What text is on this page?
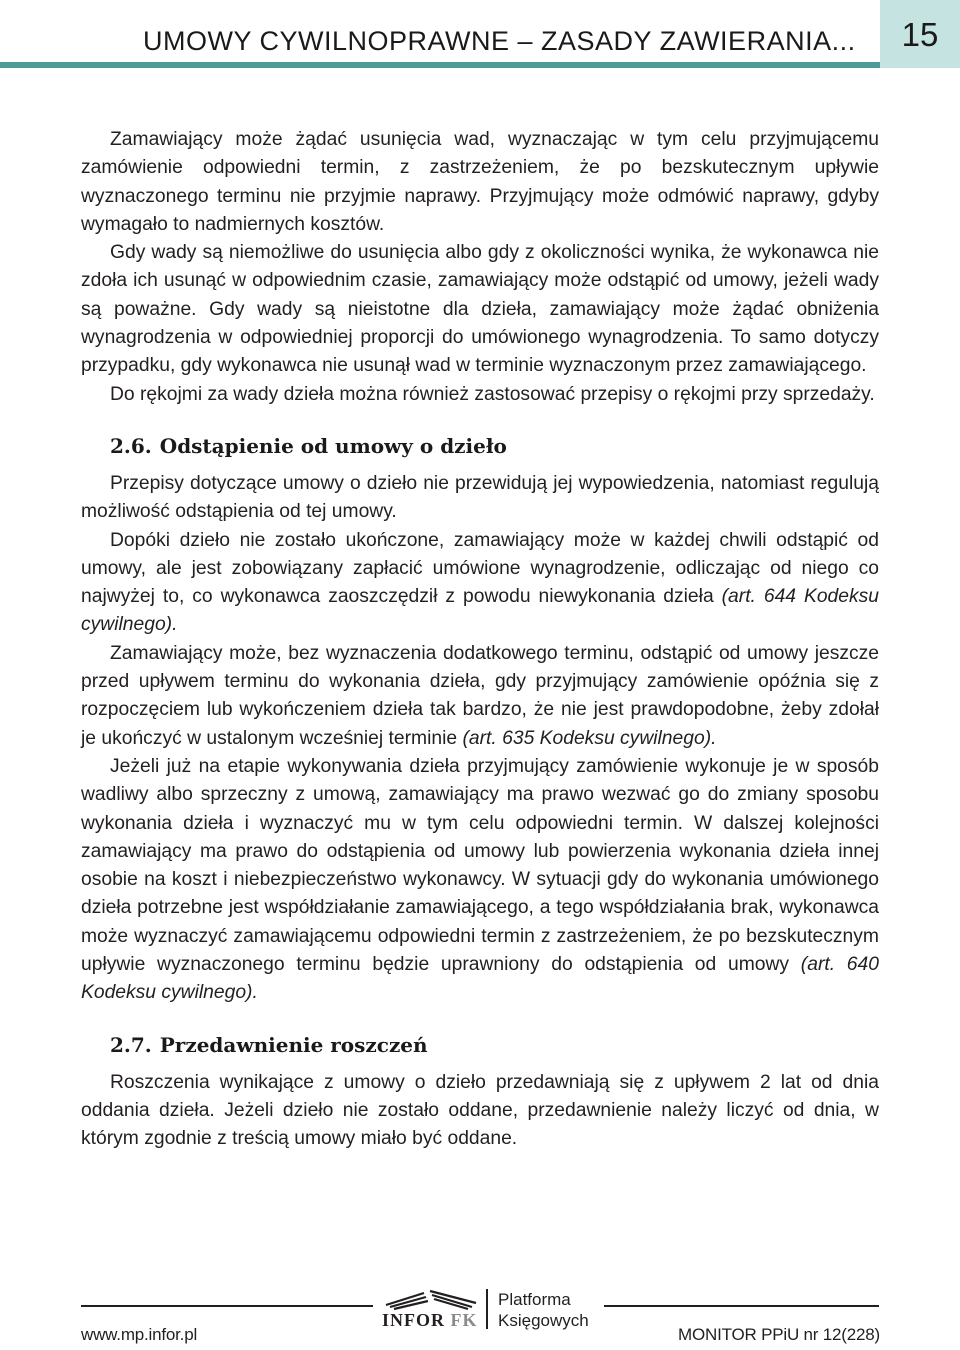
UMOWY CYWILNOPRAWNE – ZASADY ZAWIERANIA...	15

Zamawiający może żądać usunięcia wad, wyznaczając w tym celu przyjmującemu zamówienie odpowiedni termin, z zastrzeżeniem, że po bezskutecznym upływie wyznaczonego terminu nie przyjmie naprawy. Przyjmujący może odmówić naprawy, gdyby wymagało to nadmiernych kosztów.

Gdy wady są niemożliwe do usunięcia albo gdy z okoliczności wynika, że wykonawca nie zdoła ich usunąć w odpowiednim czasie, zamawiający może odstąpić od umowy, jeżeli wady są poważne. Gdy wady są nieistotne dla dzieła, zamawiający może żądać obniżenia wynagrodzenia w odpowiedniej proporcji do umówionego wynagrodzenia. To samo dotyczy przypadku, gdy wykonawca nie usunął wad w terminie wyznaczonym przez zamawiającego.

Do rękojmi za wady dzieła można również zastosować przepisy o rękojmi przy sprzedaży.

2.6. Odstąpienie od umowy o dzieło

Przepisy dotyczące umowy o dzieło nie przewidują jej wypowiedzenia, natomiast regulują możliwość odstąpienia od tej umowy.

Dopóki dzieło nie zostało ukończone, zamawiający może w każdej chwili odstąpić od umowy, ale jest zobowiązany zapłacić umówione wynagrodzenie, odliczając od niego co najwyżej to, co wykonawca zaoszczędził z powodu niewykonania dzieła (art. 644 Kodeksu cywilnego).

Zamawiający może, bez wyznaczenia dodatkowego terminu, odstąpić od umowy jeszcze przed upływem terminu do wykonania dzieła, gdy przyjmujący zamówienie opóźnia się z rozpoczęciem lub wykończeniem dzieła tak bardzo, że nie jest prawdopodobne, żeby zdołał je ukończyć w ustalonym wcześniej terminie (art. 635 Kodeksu cywilnego).

Jeżeli już na etapie wykonywania dzieła przyjmujący zamówienie wykonuje je w sposób wadliwy albo sprzeczny z umową, zamawiający ma prawo wezwać go do zmiany sposobu wykonania dzieła i wyznaczyć mu w tym celu odpowiedni termin. W dalszej kolejności zamawiający ma prawo do odstąpienia od umowy lub powierzenia wykonania dzieła innej osobie na koszt i niebezpieczeństwo wykonawcy. W sytuacji gdy do wykonania umówionego dzieła potrzebne jest współdziałanie zamawiającego, a tego współdziałania brak, wykonawca może wyznaczyć zamawiającemu odpowiedni termin z zastrzeżeniem, że po bezskutecznym upływie wyznaczonego terminu będzie uprawniony do odstąpienia od umowy (art. 640 Kodeksu cywilnego).

2.7. Przedawnienie roszczeń

Roszczenia wynikające z umowy o dzieło przedawniają się z upływem 2 lat od dnia oddania dzieła. Jeżeli dzieło nie zostało oddane, przedawnienie należy liczyć od dnia, w którym zgodnie z treścią umowy miało być oddane.

INFOR FK
Platforma
Księgowych
www.mp.infor.pl	MONITOR PPiU nr 12(228)
